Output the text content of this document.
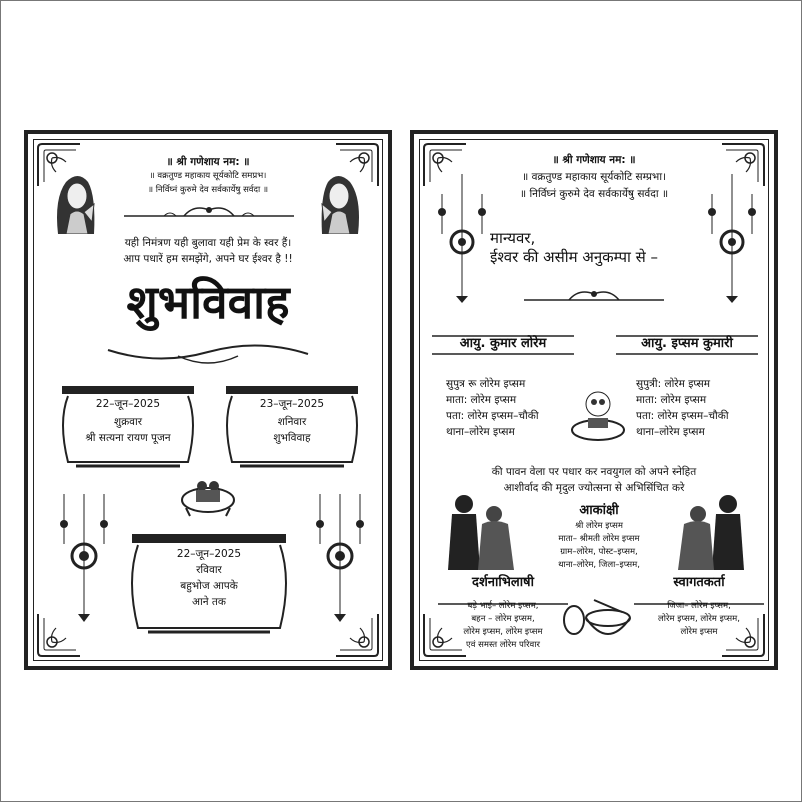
॥ श्री गणेशाय नम: ॥
॥ वक्रतुण्ड महाकाय सूर्यकोटि समप्रभ।
॥ निर्विघ्नं कुरुमे देव सर्वकार्येषु सर्वदा ॥
यही निमंत्रण यही बुलावा यही प्रेम के स्वर हैं।
आप पधारें हम समझेंगे, अपने घर ईश्वर है !!
शुभविवाह
22–जून–2025
शुक्रवार
श्री सत्यना रायण पूजन
23–जून–2025
शनिवार
शुभविवाह
22–जून–2025
रविवार
बहुभोज आपके
आने तक
॥ श्री गणेशाय नम: ॥
॥ वक्रतुण्ड महाकाय सूर्यकोटि सम्प्रभा।
॥ निर्विघ्नं कुरुमे देव सर्वकार्येषु सर्वदा ॥
मान्यवर,
ईश्वर की असीम अनुकम्पा से –
आयु. कुमार लोरेम	आयु. इप्सम कुमारी
सुपुत्र रू लोरेम इप्सम
माता: लोरेम इप्सम
पता: लोरेम इप्सम–चौकी
थाना–लोरेम इप्सम
सुपुत्री: लोरेम इप्सम
माता: लोरेम इप्सम
पता: लोरेम इप्सम–चौकी
थाना–लोरेम इप्सम
की पावन वेला पर पधार कर नवयुगल को अपने स्नेहित
आशीर्वाद की मृदुल ज्योत्सना से अभिसिंचित करे
आकांक्षी
श्री लोरेम इप्सम
माता– श्रीमती लोरेम इप्सम
ग्राम–लोरेम, पोस्ट–इप्सम,
थाना–लोरेम, जिला–इप्सम,
दर्शनाभिलाषी
बड़े भाई– लोरेम इप्सम,
बहन – लोरेम इप्सम,
लोरेम इप्सम, लोरेम इप्सम
एवं समस्त लोरेम परिवार
स्वागतकर्ता
जिजा– लोरेम इप्सम,
लोरेम इप्सम, लोरेम इप्सम,
लोरेम इप्सम
